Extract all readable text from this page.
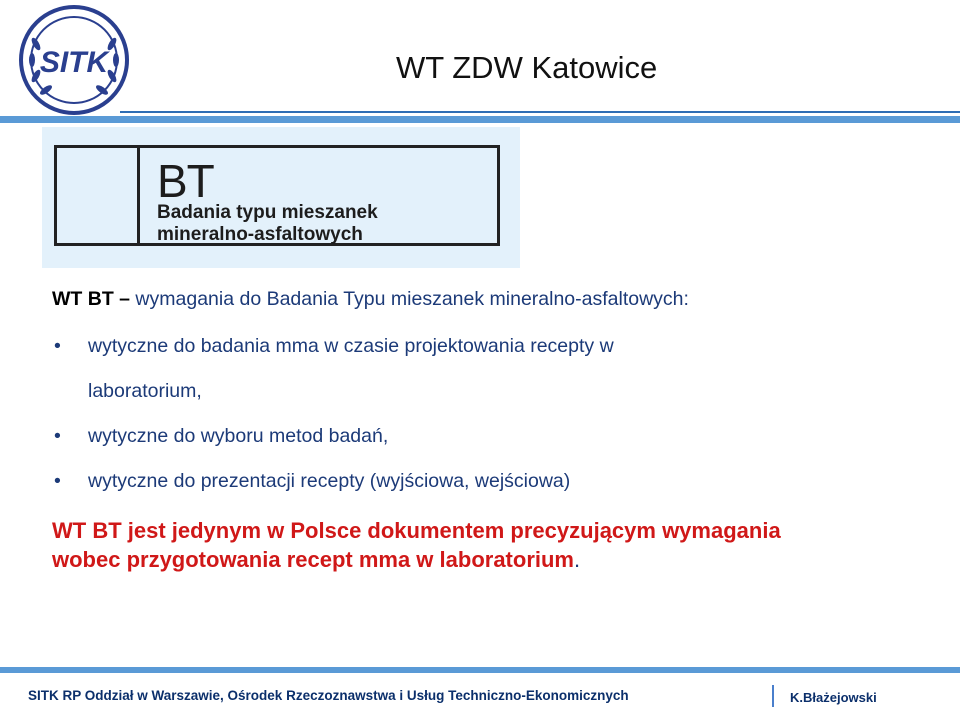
SITK	WT ZDW Katowice
BT
Badania typu mieszanek
mineralno-asfaltowych

WT BT – wymagania do Badania Typu mieszanek mineralno-asfaltowych:

• wytyczne do badania mma w czasie projektowania recepty w
laboratorium,
• wytyczne do wyboru metod badań,
• wytyczne do prezentacji recepty (wyjściowa, wejściowa)
WT BT jest jedynym w Polsce dokumentem precyzującym wymagania
wobec przygotowania recept mma w laboratorium.
SITK RP Oddział w Warszawie, Ośrodek Rzeczoznawstwa i Usług Techniczno-Ekonomicznych	K.Błażejowski
